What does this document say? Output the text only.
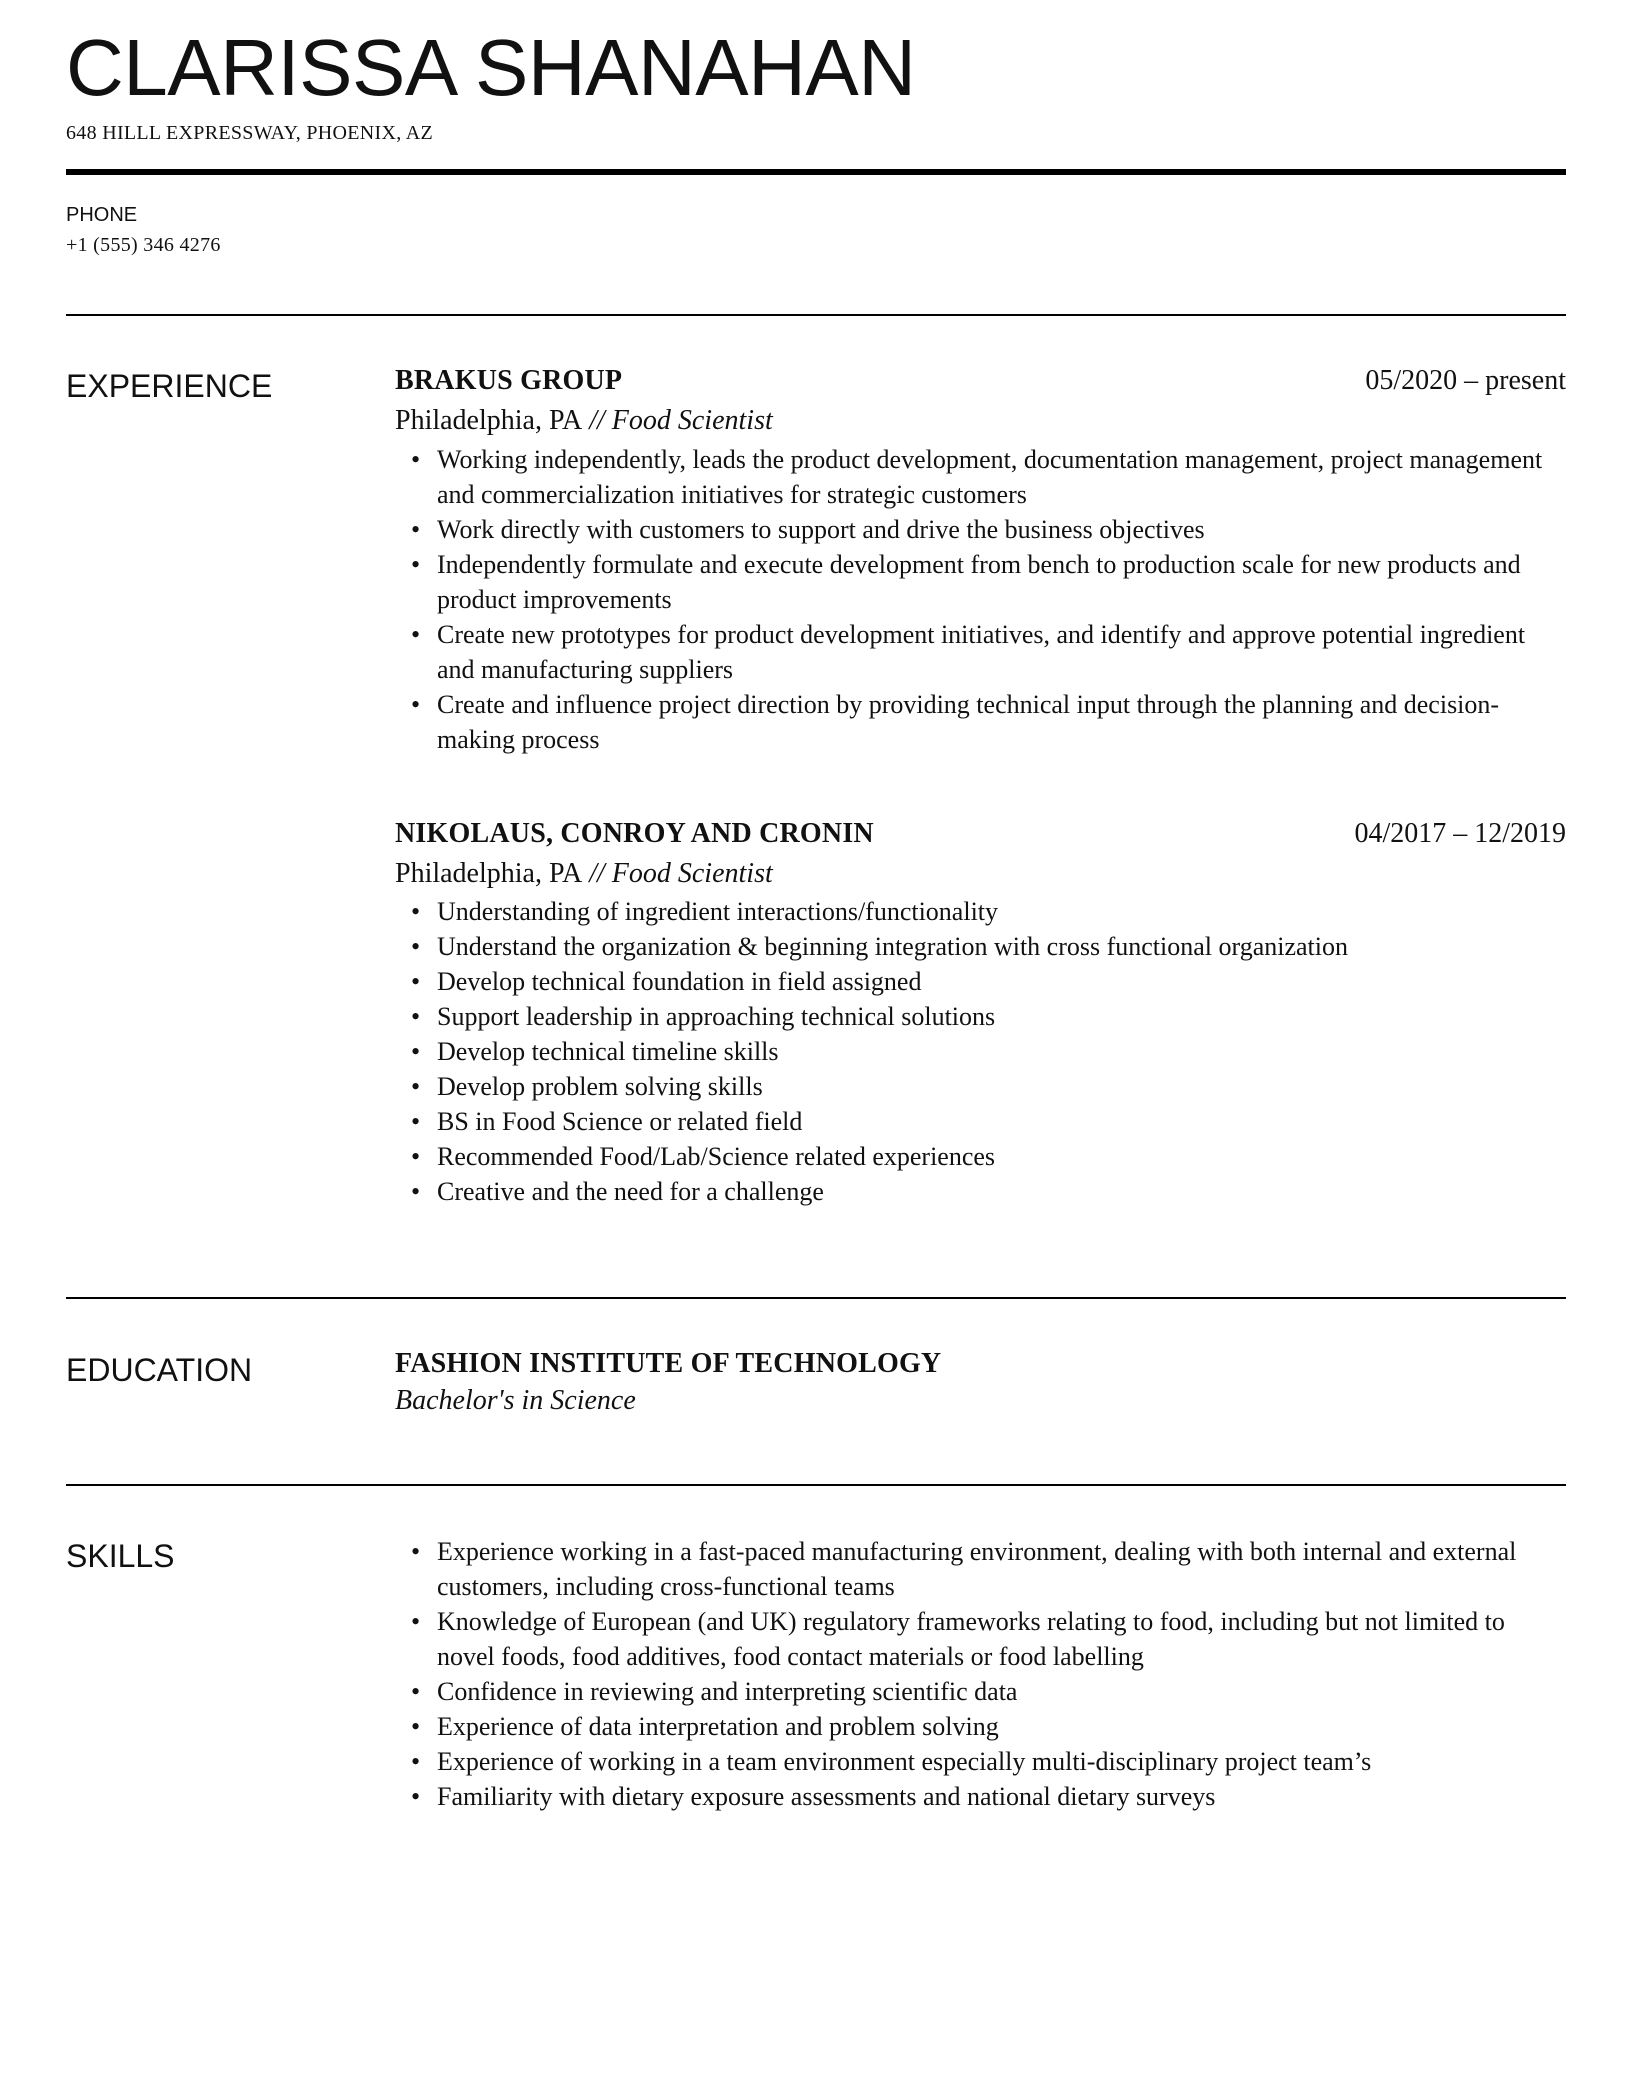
CLARISSA SHANAHAN
648 HILLL EXPRESSWAY, PHOENIX, AZ
PHONE
+1 (555) 346 4276
EXPERIENCE	BRAKUS GROUP	05/2020 – present
Philadelphia, PA // Food Scientist
• Working independently, leads the product development, documentation management, project management and commercialization initiatives for strategic customers
• Work directly with customers to support and drive the business objectives
• Independently formulate and execute development from bench to production scale for new products and product improvements
• Create new prototypes for product development initiatives, and identify and approve potential ingredient and manufacturing suppliers
• Create and influence project direction by providing technical input through the planning and decision-making process
NIKOLAUS, CONROY AND CRONIN	04/2017 – 12/2019
Philadelphia, PA // Food Scientist
• Understanding of ingredient interactions/functionality
• Understand the organization & beginning integration with cross functional organization
• Develop technical foundation in field assigned
• Support leadership in approaching technical solutions
• Develop technical timeline skills
• Develop problem solving skills
• BS in Food Science or related field
• Recommended Food/Lab/Science related experiences
• Creative and the need for a challenge
EDUCATION	FASHION INSTITUTE OF TECHNOLOGY
Bachelor's in Science
SKILLS
•	Experience working in a fast-paced manufacturing environment, dealing with both internal and external customers, including cross-functional teams
• Knowledge of European (and UK) regulatory frameworks relating to food, including but not limited to novel foods, food additives, food contact materials or food labelling
• Confidence in reviewing and interpreting scientific data
• Experience of data interpretation and problem solving
• Experience of working in a team environment especially multi-disciplinary project team’s
• Familiarity with dietary exposure assessments and national dietary surveys
